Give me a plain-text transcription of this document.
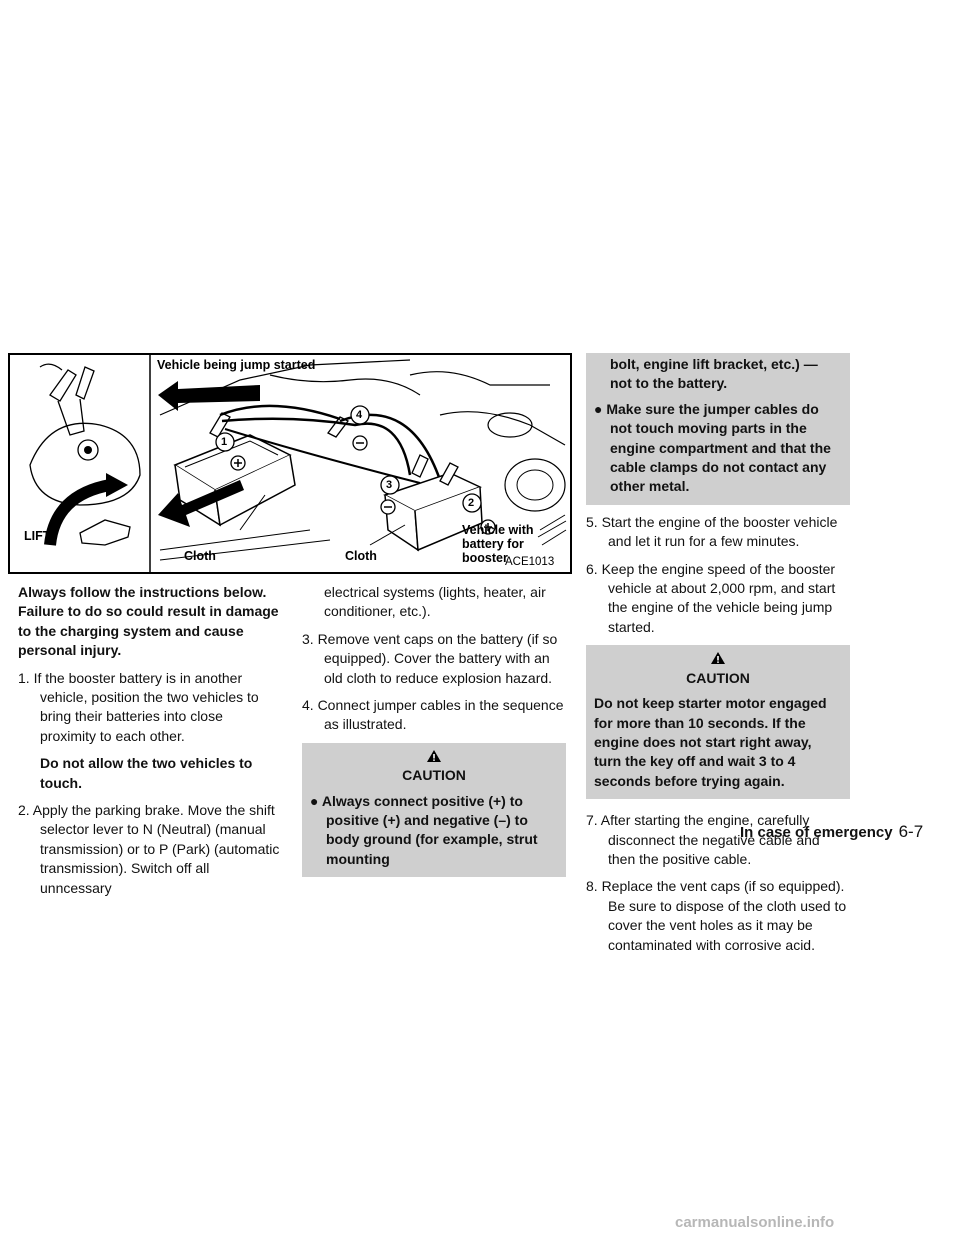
Vehicle being jump started
LIFT
Cloth	Cloth
Vehicle with
battery for
booster
ACE1013
1
2
3
4

Always follow the instructions below. Failure to do so could result in damage to the charging system and cause personal injury.

1. If the booster battery is in another vehicle, position the two vehicles to bring their batteries into close proximity to each other.

Do not allow the two vehicles to touch.

2. Apply the parking brake. Move the shift selector lever to N (Neutral) (manual transmission) or to P (Park) (automatic transmission). Switch off all unncessary

electrical systems (lights, heater, air conditioner, etc.).

3. Remove vent caps on the battery (if so equipped). Cover the battery with an old cloth to reduce explosion hazard.

4. Connect jumper cables in the sequence as illustrated.

CAUTION
● Always connect positive (+) to positive (+) and negative (–) to body ground (for example, strut mounting
bolt, engine lift bracket, etc.) — not to the battery.
● Make sure the jumper cables do not touch moving parts in the engine compartment and that the cable clamps do not contact any other metal.

5. Start the engine of the booster vehicle and let it run for a few minutes.

6. Keep the engine speed of the booster vehicle at about 2,000 rpm, and start the engine of the vehicle being jump started.

CAUTION
Do not keep starter motor engaged for more than 10 seconds. If the engine does not start right away, turn the key off and wait 3 to 4 seconds before trying again.

7. After starting the engine, carefully disconnect the negative cable and then the positive cable.

8. Replace the vent caps (if so equipped). Be sure to dispose of the cloth used to cover the vent holes as it may be contaminated with corrosive acid.

In case of emergency 6-7
carmanualsonline.info
